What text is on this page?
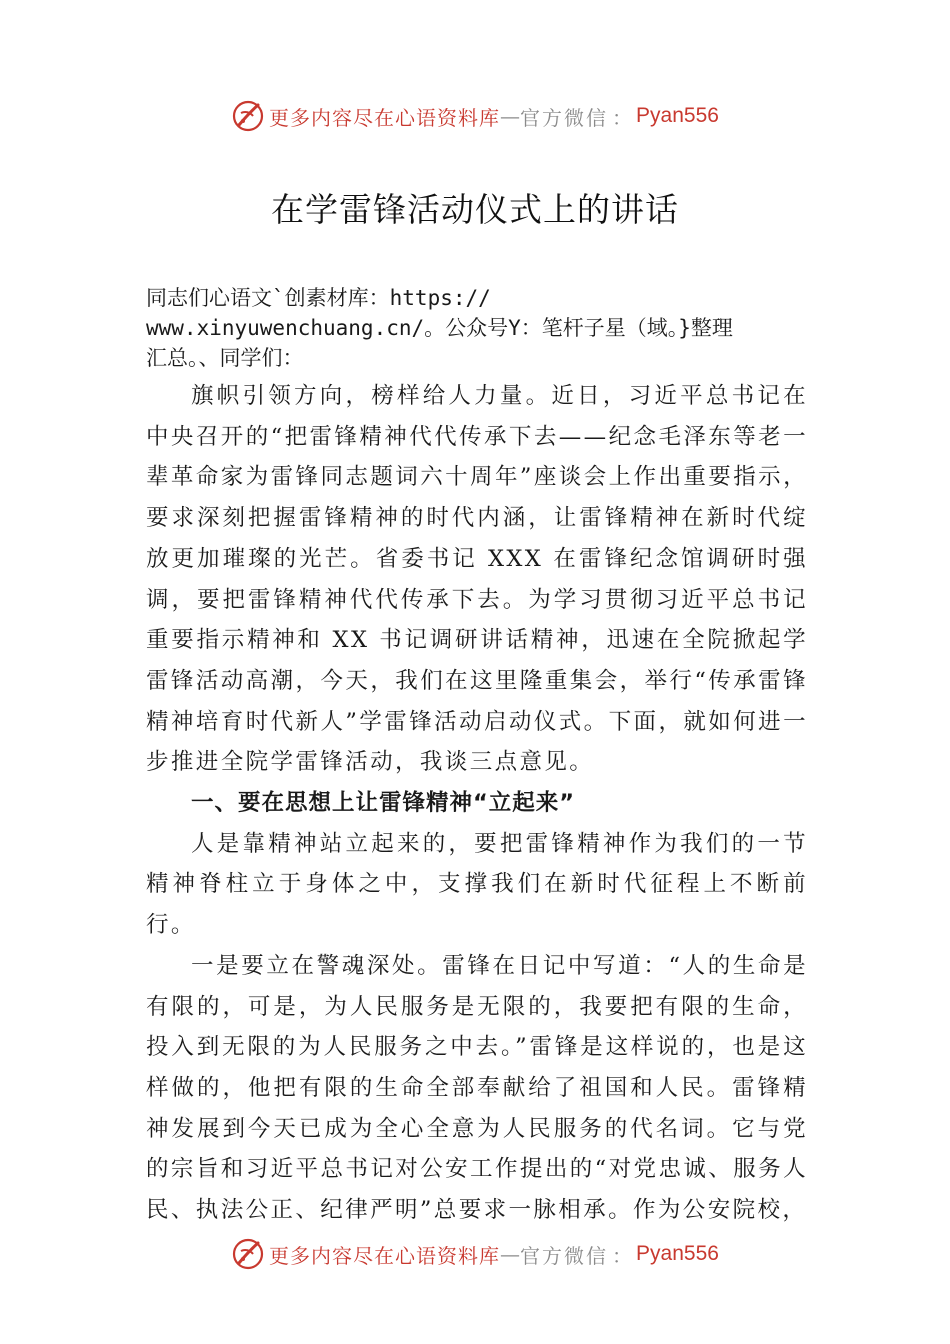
更多内容尽在心语资料库 — 官方微信 ： Pyan556
在学雷锋活动仪式上的讲话
同志们心语文`创素材库：https://
www.xinyuwenchuang.cn/。公众号Y：笔杆子星（域。}整理
汇总。、同学们：

旗帜引领方向，榜样给人力量。近日，习近平总书记在中央召开的“把雷锋精神代代传承下去——纪念毛泽东等老一辈革命家为雷锋同志题词六十周年”座谈会上作出重要指示，要求深刻把握雷锋精神的时代内涵，让雷锋精神在新时代绽放更加璀璨的光芒。省委书记 XXX 在雷锋纪念馆调研时强调，要把雷锋精神代代传承下去。为学习贯彻习近平总书记重要指示精神和 XX 书记调研讲话精神，迅速在全院掀起学雷锋活动高潮，今天，我们在这里隆重集会，举行“传承雷锋精神培育时代新人”学雷锋活动启动仪式。下面，就如何进一步推进全院学雷锋活动，我谈三点意见。

一、要在思想上让雷锋精神“立起来”

人是靠精神站立起来的，要把雷锋精神作为我们的一节精神脊柱立于身体之中，支撑我们在新时代征程上不断前行。

一是要立在警魂深处。雷锋在日记中写道：“人的生命是有限的，可是，为人民服务是无限的，我要把有限的生命， 投入到无限的为人民服务之中去。”雷锋是这样说的，也是这样做的，他把有限的生命全部奉献给了祖国和人民。雷锋精神发展到今天已成为全心全意为人民服务的代名词。它与党的宗旨和习近平总书记对公安工作提出的“对党忠诚、服务人民、执法公正、纪律严明”总要求一脉相承。作为公安院校，

更多内容尽在心语资料库 — 官方微信 ： Pyan556
